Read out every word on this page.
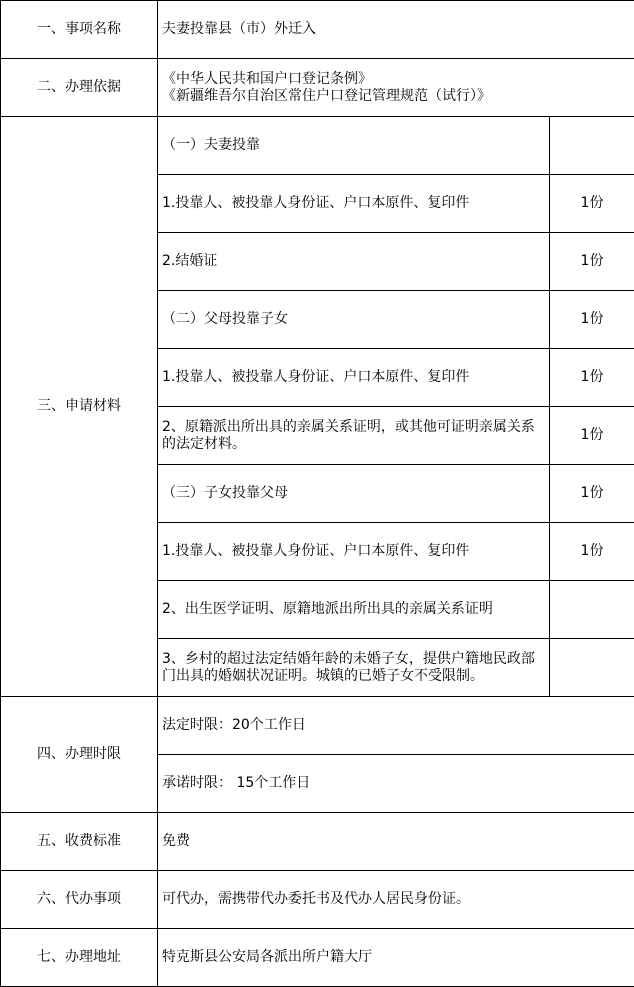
一、事项名称	夫妻投靠县（市）外迁入	
二、办理依据	《中华人民共和国户口登记条例》
《新疆维吾尔自治区常住户口登记管理规范（试行）》	

三、申请材料	（一）夫妻投靠	
	1.投靠人、被投靠人身份证、户口本原件、复印件	1份
	2.结婚证	1份
	（二）父母投靠子女	1份
	1.投靠人、被投靠人身份证、户口本原件、复印件	1份
	2、原籍派出所出具的亲属关系证明，或其他可证明亲属关系的法定材料。	1份
	（三）子女投靠父母	1份
	1.投靠人、被投靠人身份证、户口本原件、复印件	1份
	2、出生医学证明、原籍地派出所出具的亲属关系证明	
	3、乡村的超过法定结婚年龄的未婚子女，提供户籍地民政部门出具的婚姻状况证明。城镇的已婚子女不受限制。	
四、办理时限	法定时限：20个工作日	
	承诺时限： 15个工作日	
五、收费标准	免费	
六、代办事项	可代办，需携带代办委托书及代办人居民身份证。	
七、办理地址	特克斯县公安局各派出所户籍大厅	
